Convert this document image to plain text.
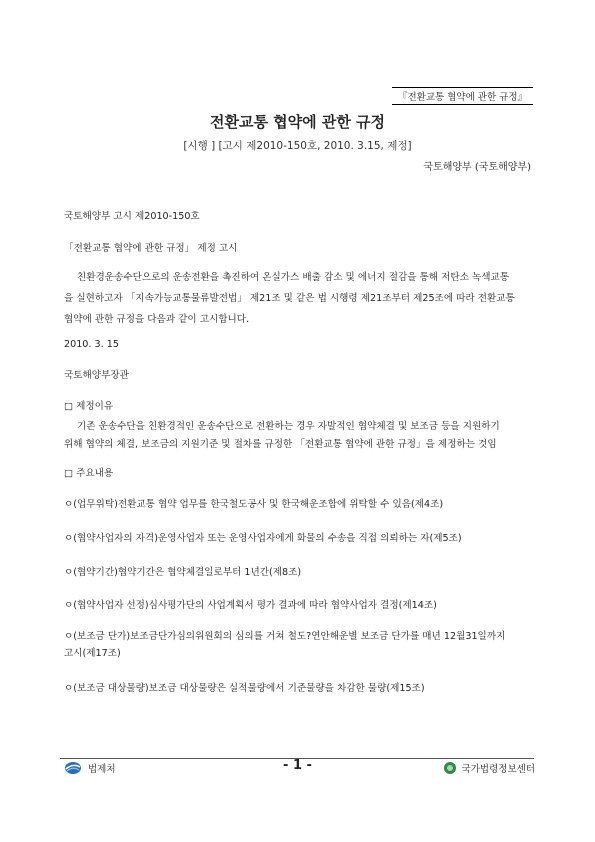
『전환교통 협약에 관한 규정』
전환교통 협약에 관한 규정
[시행 ] [고시 제2010-150호, 2010. 3.15, 제정]
국토해양부 (국토해양부)
국토해양부 고시 제2010-150호
「전환교통 협약에 관한 규정」 제정 고시
친환경운송수단으로의 운송전환을 촉진하여 온실가스 배출 감소 및 에너지 절감을 통해 저탄소 녹색교통
을 실현하고자 「지속가능교통물류발전법」 제21조 및 같은 법 시행령 제21조부터 제25조에 따라 전환교통
협약에 관한 규정을 다음과 같이 고시합니다.
2010. 3. 15
국토해양부장관
□ 제정이유
기존 운송수단을 친환경적인 운송수단으로 전환하는 경우 자발적인 협약체결 및 보조금 등을 지원하기
위해 협약의 체결, 보조금의 지원기준 및 절차를 규정한 「전환교통 협약에 관한 규정」을 제정하는 것임
□ 주요내용
ㅇ(업무위탁)전환교통 협약 업무를 한국철도공사 및 한국해운조합에 위탁할 수 있음(제4조)
ㅇ(협약사업자의 자격)운영사업자 또는 운영사업자에게 화물의 수송을 직접 의뢰하는 자(제5조)
ㅇ(협약기간)협약기간은 협약체결일로부터 1년간(제8조)
ㅇ(협약사업자 선정)심사평가단의 사업계획서 평가 결과에 따라 협약사업자 결정(제14조)
ㅇ(보조금 단가)보조금단가심의위원회의 심의를 거쳐 철도?연안해운별 보조금 단가를 매년 12월31일까지
고시(제17조)
ㅇ(보조금 대상물량)보조금 대상물량은 실적물량에서 기준물량을 차감한 물량(제15조)
법제처	- 1 -	국가법령정보센터
